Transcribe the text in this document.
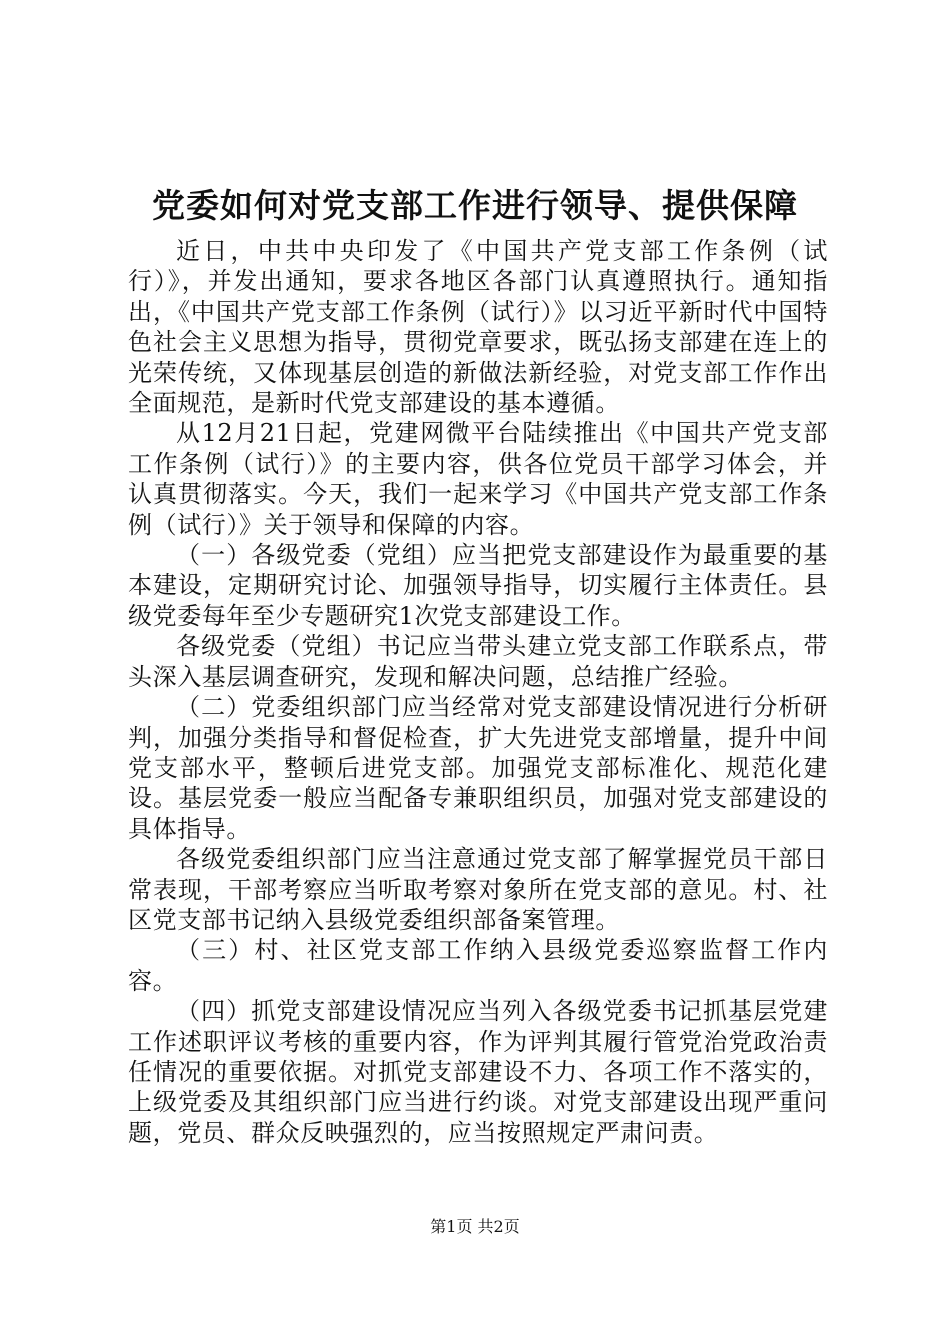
党委如何对党支部工作进行领导、提供保障

近日，中共中央印发了《中国共产党支部工作条例（试行）》，并发出通知，要求各地区各部门认真遵照执行。通知指出，《中国共产党支部工作条例（试行）》以习近平新时代中国特色社会主义思想为指导，贯彻党章要求，既弘扬支部建在连上的光荣传统，又体现基层创造的新做法新经验，对党支部工作作出全面规范，是新时代党支部建设的基本遵循。

从12月21日起，党建网微平台陆续推出《中国共产党支部工作条例（试行）》的主要内容，供各位党员干部学习体会，并认真贯彻落实。今天，我们一起来学习《中国共产党支部工作条例（试行）》关于领导和保障的内容。

（一）各级党委（党组）应当把党支部建设作为最重要的基本建设，定期研究讨论、加强领导指导，切实履行主体责任。县级党委每年至少专题研究1次党支部建设工作。

各级党委（党组）书记应当带头建立党支部工作联系点，带头深入基层调查研究，发现和解决问题，总结推广经验。

（二）党委组织部门应当经常对党支部建设情况进行分析研判，加强分类指导和督促检查，扩大先进党支部增量，提升中间党支部水平，整顿后进党支部。加强党支部标准化、规范化建设。基层党委一般应当配备专兼职组织员，加强对党支部建设的具体指导。

各级党委组织部门应当注意通过党支部了解掌握党员干部日常表现，干部考察应当听取考察对象所在党支部的意见。村、社区党支部书记纳入县级党委组织部备案管理。

（三）村、社区党支部工作纳入县级党委巡察监督工作内容。

（四）抓党支部建设情况应当列入各级党委书记抓基层党建工作述职评议考核的重要内容，作为评判其履行管党治党政治责任情况的重要依据。对抓党支部建设不力、各项工作不落实的，上级党委及其组织部门应当进行约谈。对党支部建设出现严重问题，党员、群众反映强烈的，应当按照规定严肃问责。

第1页 共2页
